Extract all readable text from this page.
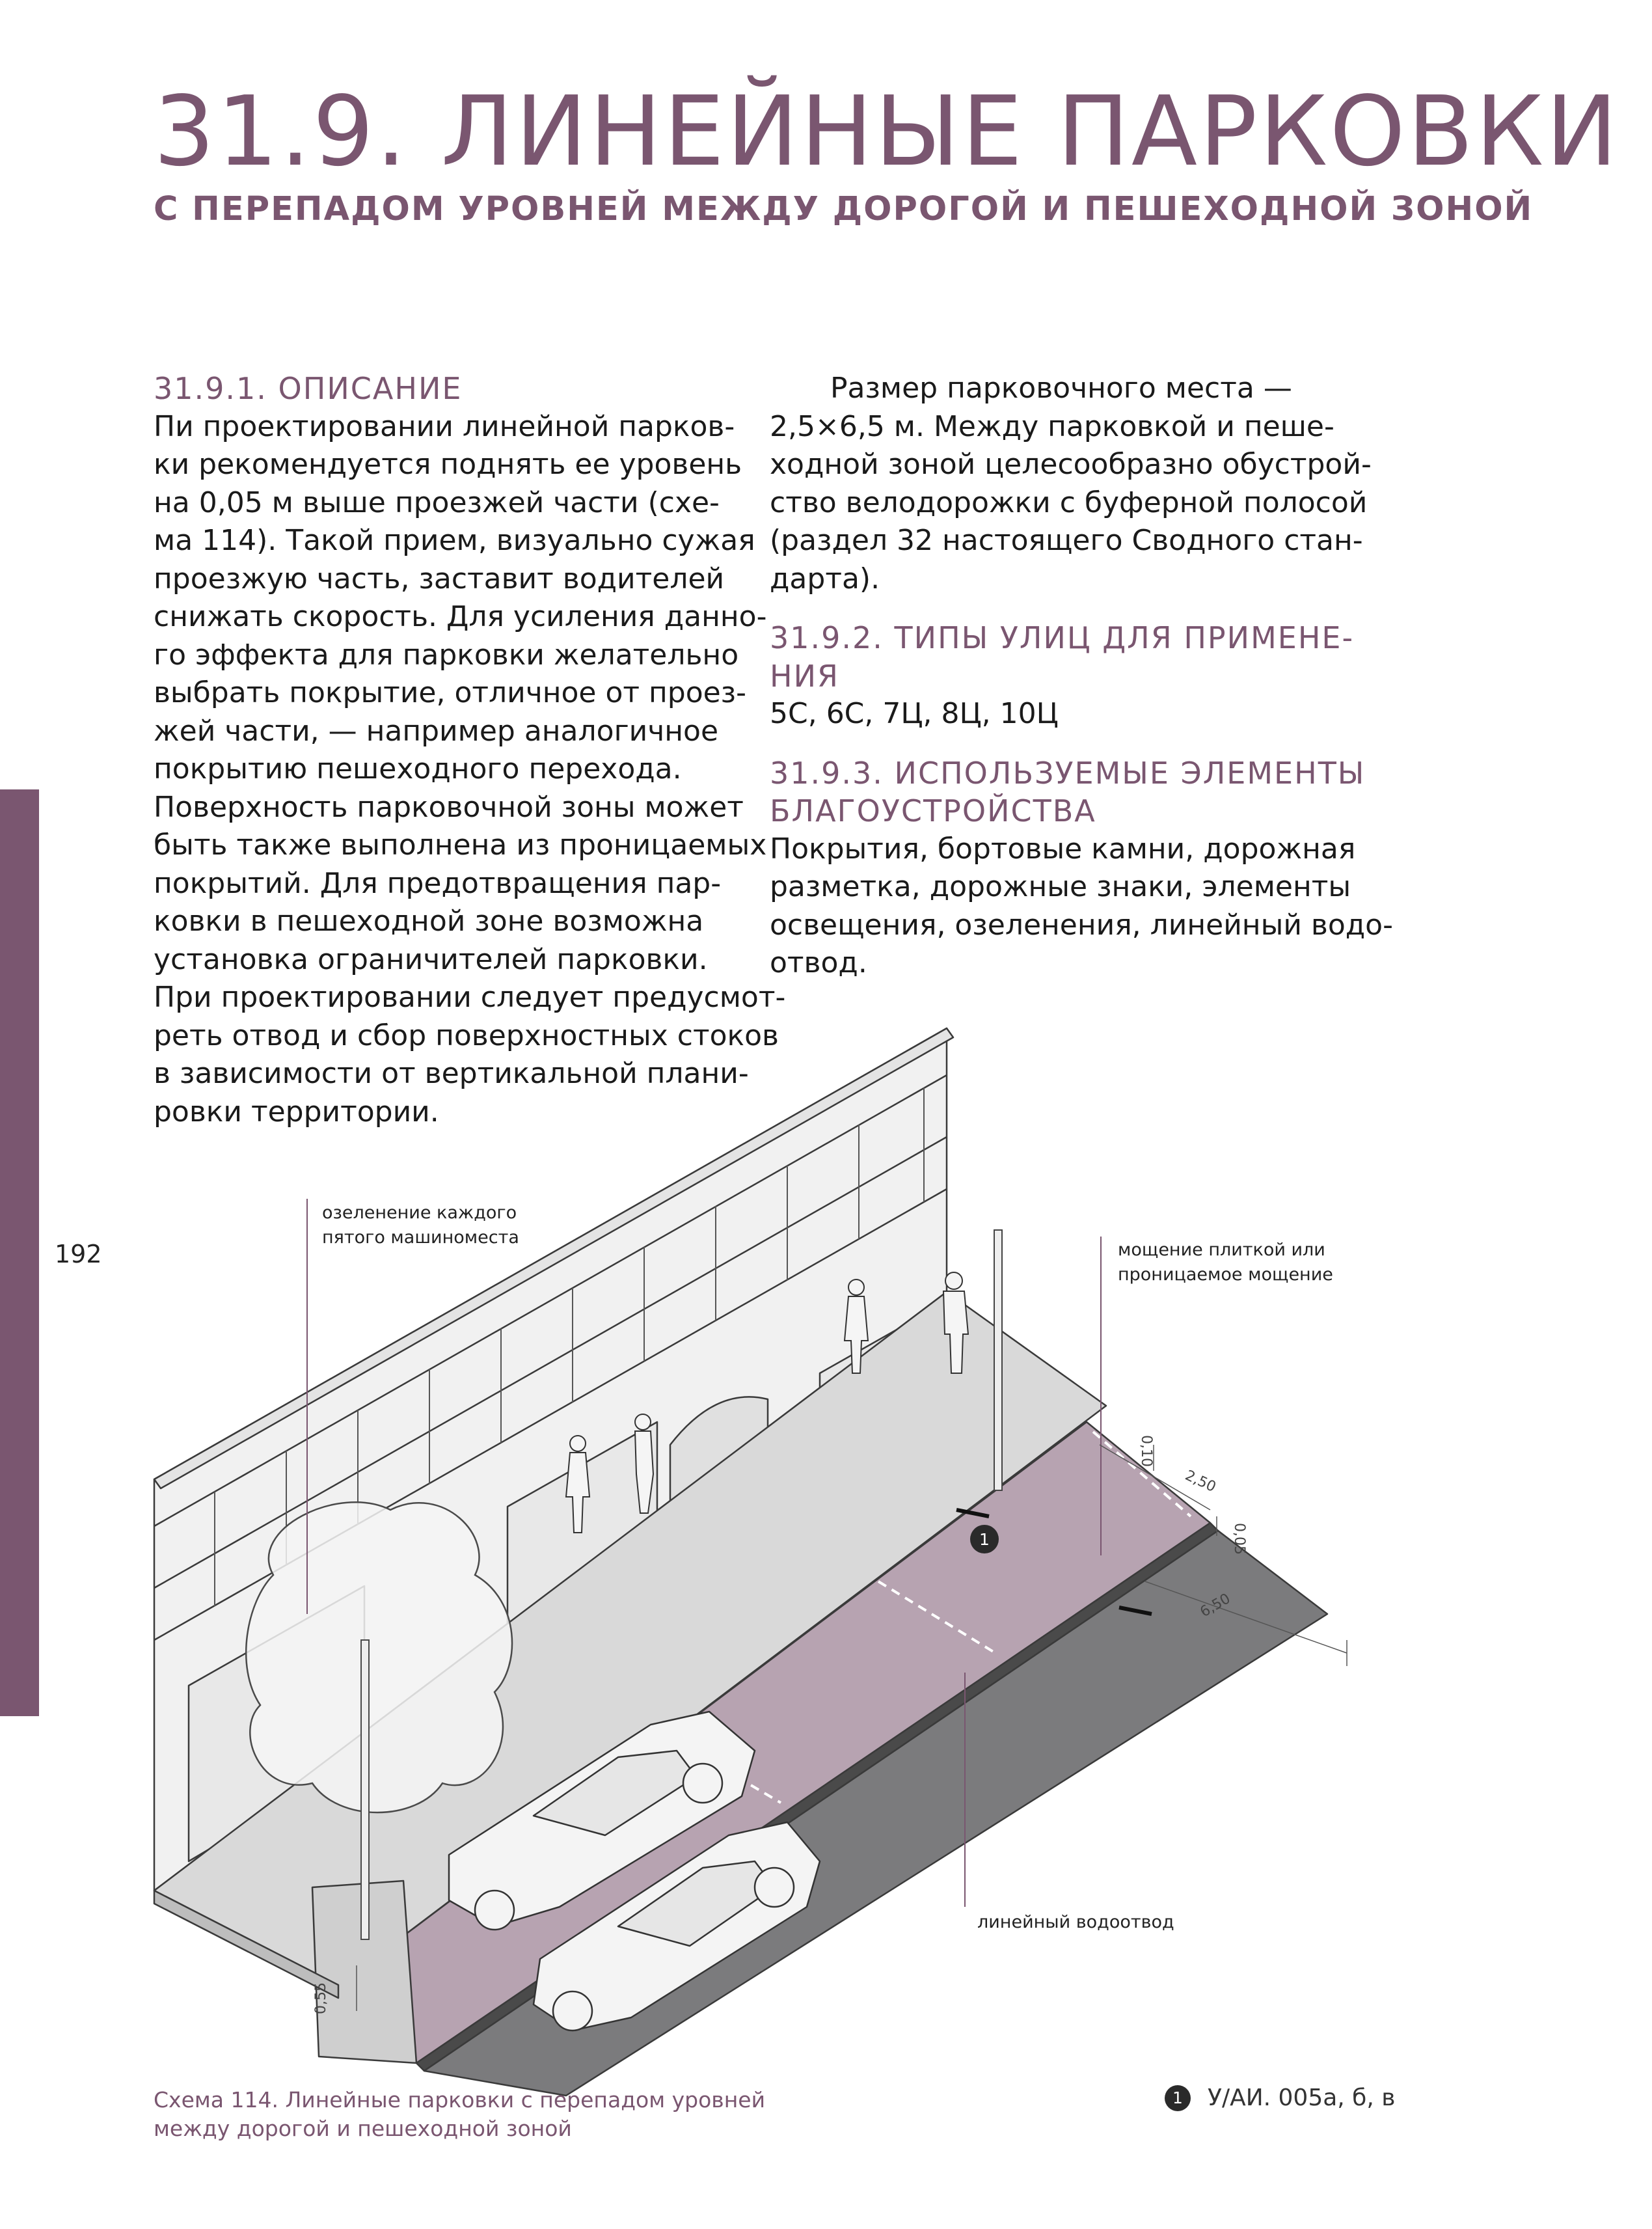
192
31.9. ЛИНЕЙНЫЕ ПАРКОВКИ
С ПЕРЕПАДОМ УРОВНЕЙ МЕЖДУ ДОРОГОЙ И ПЕШЕХОДНОЙ ЗОНОЙ
31.9.1. ОПИСАНИЕ

Пи проектировании линейной парков-
ки рекомендуется поднять ее уровень
на 0,05 м выше проезжей части (схе-
ма 114). Такой прием, визуально сужая
проезжую часть, заставит водителей
снижать скорость. Для усиления данно-
го эффекта для парковки желательно
выбрать покрытие, отличное от проез-
жей части, — например аналогичное
покрытию пешеходного перехода.
Поверхность парковочной зоны может
быть также выполнена из проницаемых
покрытий. Для предотвращения пар-
ковки в пешеходной зоне возможна
установка ограничителей парковки.
При проектировании следует предусмот-
реть отвод и сбор поверхностных стоков
в зависимости от вертикальной плани-
ровки территории.

Размер парковочного места —
2,5×6,5 м. Между парковкой и пеше-
ходной зоной целесообразно обустрой-
ство велодорожки с буферной полосой
(раздел 32 настоящего Сводного стан-
дарта).

31.9.2. ТИПЫ УЛИЦ ДЛЯ ПРИМЕНЕ-
НИЯ

5С, 6С, 7Ц, 8Ц, 10Ц

31.9.3. ИСПОЛЬЗУЕМЫЕ ЭЛЕМЕНТЫ
БЛАГОУСТРОЙСТВА

Покрытия, бортовые камни, дорожная
разметка, дорожные знаки, элементы
освещения, озеленения, линейный водо-
отвод.

1
0,10
2,50
0,05
6,50
0,55
озеленение каждого
пятого машиноместа
мощение плиткой или
проницаемое мощение
линейный водоотвод
Схема 114. Линейные парковки с перепадом уровней
между дорогой и пешеходной зоной
1	У/АИ. 005а, б, в
